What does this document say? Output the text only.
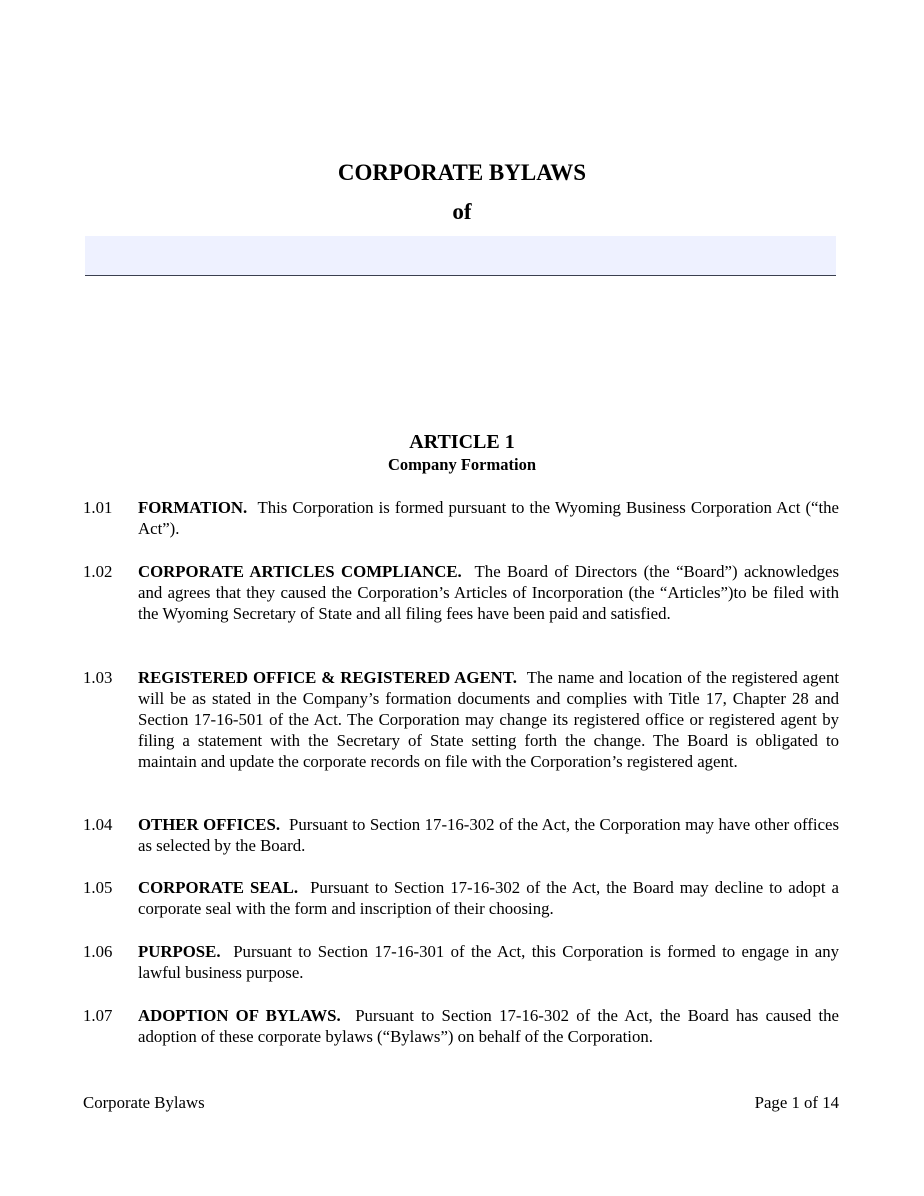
CORPORATE BYLAWS
of
ARTICLE 1
Company Formation
1.01 FORMATION. This Corporation is formed pursuant to the Wyoming Business Corporation Act (“the Act”).
1.02 CORPORATE ARTICLES COMPLIANCE. The Board of Directors (the “Board”) acknowledges and agrees that they caused the Corporation’s Articles of Incorporation (the “Articles”)to be filed with the Wyoming Secretary of State and all filing fees have been paid and satisfied.
1.03 REGISTERED OFFICE & REGISTERED AGENT. The name and location of the registered agent will be as stated in the Company’s formation documents and complies with Title 17, Chapter 28 and Section 17-16-501 of the Act. The Corporation may change its registered office or registered agent by filing a statement with the Secretary of State setting forth the change. The Board is obligated to maintain and update the corporate records on file with the Corporation’s registered agent.
1.04 OTHER OFFICES. Pursuant to Section 17-16-302 of the Act, the Corporation may have other offices as selected by the Board.
1.05 CORPORATE SEAL. Pursuant to Section 17-16-302 of the Act, the Board may decline to adopt a corporate seal with the form and inscription of their choosing.
1.06 PURPOSE. Pursuant to Section 17-16-301 of the Act, this Corporation is formed to engage in any lawful business purpose.
1.07 ADOPTION OF BYLAWS. Pursuant to Section 17-16-302 of the Act, the Board has caused the adoption of these corporate bylaws (“Bylaws”) on behalf of the Corporation.
Corporate Bylaws	Page 1 of 14
